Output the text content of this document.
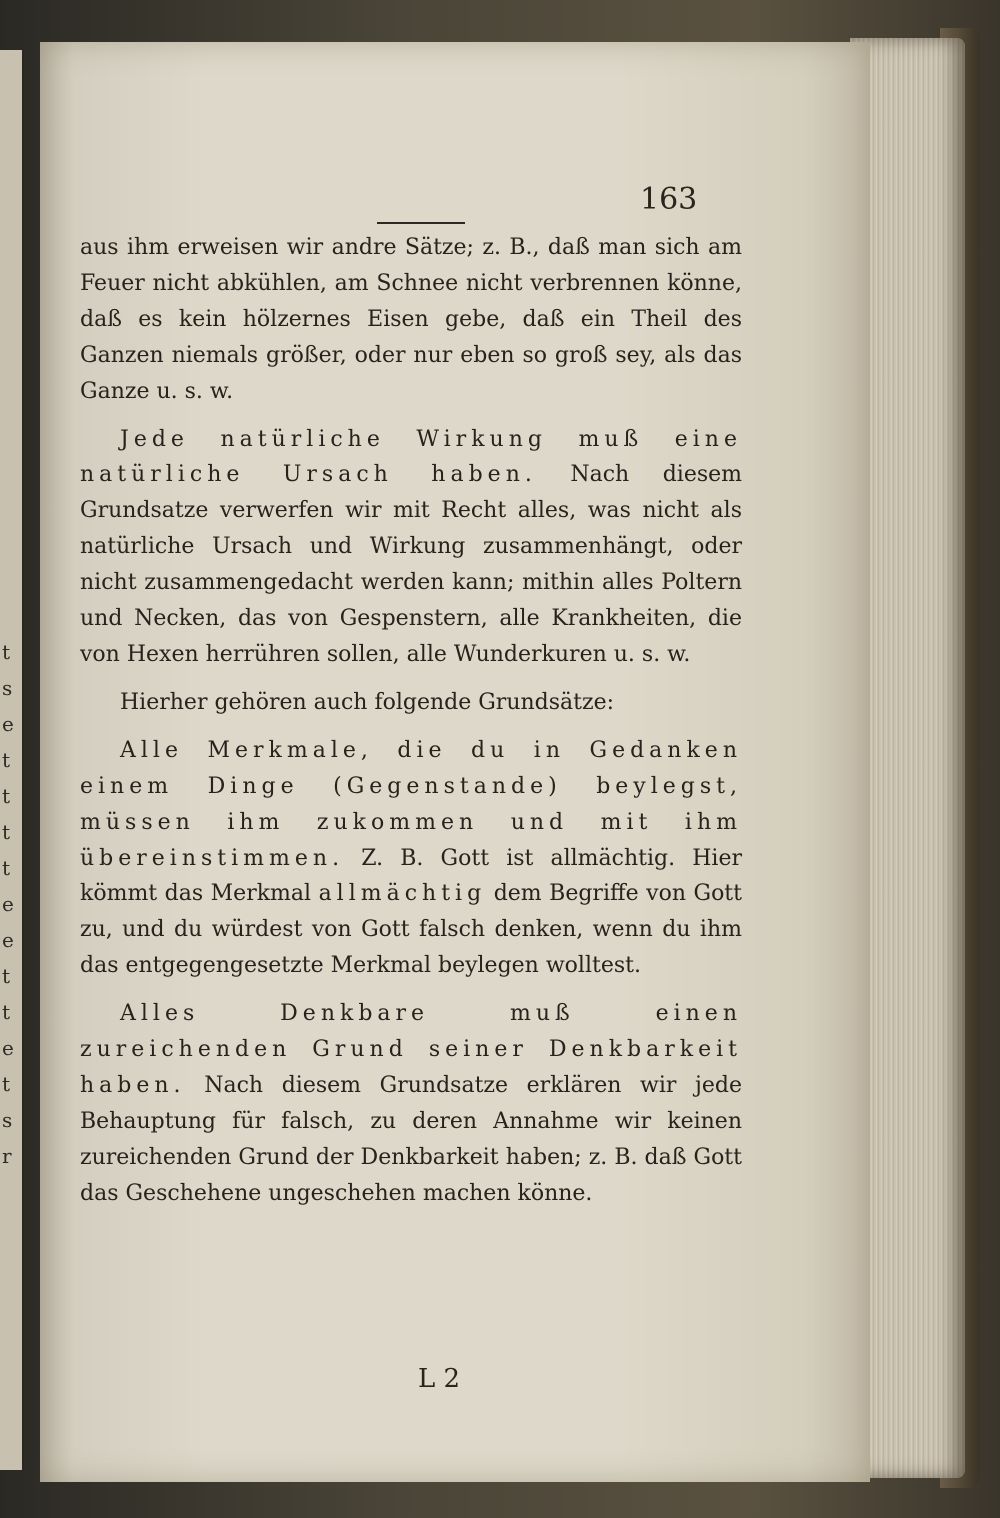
t
s
e
t
t
t
t
e
e
t
t
e
t
s
r
163

aus ihm erweisen wir andre Sätze; z. B., daß man sich am Feuer nicht abkühlen, am Schnee nicht verbrennen könne, daß es kein hölzernes Eisen gebe, daß ein Theil des Ganzen niemals größer, oder nur eben so groß sey, als das Ganze u. s. w.

Jede natürliche Wirkung muß eine natürliche Ursach haben. Nach diesem Grundsatze verwerfen wir mit Recht alles, was nicht als natürliche Ursach und Wirkung zusammenhängt, oder nicht zusammengedacht werden kann; mithin alles Poltern und Necken, das von Gespenstern, alle Krankheiten, die von Hexen herrühren sollen, alle Wunderkuren u. s. w.

Hierher gehören auch folgende Grundsätze:

Alle Merkmale, die du in Gedanken einem Dinge (Gegenstande) beylegst, müssen ihm zukommen und mit ihm übereinstimmen. Z. B. Gott ist allmächtig. Hier kömmt das Merkmal allmächtig dem Begriffe von Gott zu, und du würdest von Gott falsch denken, wenn du ihm das entgegengesetzte Merkmal beylegen wolltest.

Alles Denkbare muß einen zureichenden Grund seiner Denkbarkeit haben. Nach diesem Grundsatze erklären wir jede Behauptung für falsch, zu deren Annahme wir keinen zureichenden Grund der Denkbarkeit haben; z. B. daß Gott das Geschehene ungeschehen machen könne.

L 2
